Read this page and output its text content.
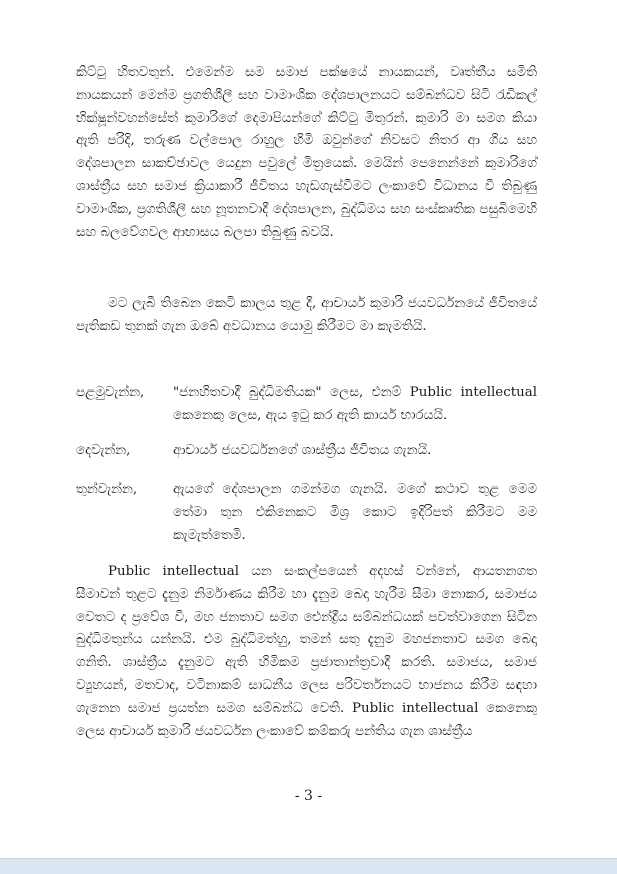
කිට්ටු හිතවතුන්. එමෙන්ම සම සමාජ පක්ෂයේ නායකයන්, වෘත්තීය සමිති නායකයන් මෙන්ම ප්‍රගතිශීලී සහ වාමාංශික දේශපාලනයට සම්බන්ධව සිටි රැඩිකල් භික්ෂූන්වහන්සේත් කුමාරිගේ දෙමාපියන්ගේ කිට්ටු මිතුරන්. කුමාරි මා සමග කියා ඇති පරිදි, තරුණ වල්පොල රාහුල හිමි ඔවුන්ගේ නිවසට නිතර ආ ගිය සහ දේශපාලන සාකච්ඡාවල යෙදුන පවුලේ මිත්‍රයෙක්. මෙයින් පෙනෙන්නේ කුමාරිගේ ශාස්ත්‍රීය සහ සමාජ ක්‍රියාකාරී ජීවිතය හැඩගැස්වීමට ලංකාවේ විධානය වී තිබුණු වාමාංශික, ප්‍රගතිශීලී සහ නූතනවාදී දේශපාලන, බුද්ධිමය සහ සංස්කෘතික පසුබිමෙහි සහ බලවේගවල ආභාසය බලපා තිබුණු බවයි.

මට ලැබී තිබෙන කෙටි කාලය තුළ දී, ආචාර්ය කුමාරි ජයවර්ධනයේ ජීවිතයේ පැතිකඩ තුනක් ගැන ඔබේ අවධානය යොමු කිරීමට මා කැමතියි.

පළමුවැන්න, "ජනහිතවාදී බුද්ධිමතියක" ලෙස, එනම් Public intellectual කෙනෙකු ලෙස, ඇය ඉටු කර ඇති කාර්ය භාරයයි.
දෙවැන්න,	ආචාර්ය ජයවර්ධනගේ ශාස්ත්‍රීය ජීවිතය ගැනයි.
තුන්වැන්න,	ඇයගේ දේශපාලන ගමන්මග ගැනයි. මගේ කථාව තුළ මෙම තේමා තුන එකිනෙකට මිශ්‍ර කොට ඉදිරිපත් කිරීමට මම කැමැත්තෙමි.

Public intellectual යන සංකල්පයෙන් අදහස් වන්නේ, ආයතනගත සීමාවන් තුළට දැනුම නිර්මාණය කිරීම හා දැනුම බෙදා හැරීම සීමා නොකර, සමාජය වෙතට ද ප්‍රවේශ වී, මහ ජනතාව සමග ඓන්ද්‍රීය සම්බන්ධයක් පවත්වාගෙන සිටින බුද්ධිමතුන්ය යන්නයි. එම බුද්ධිමත්හු, තමන් සතු දැනුම මහජනතාව සමග බෙදා ගනිති. ශාස්ත්‍රීය දැනුමට ඇති හිමිකම ප්‍රජාතාන්ත්‍රවාදී කරති. සමාජය, සමාජ ව්‍යුහයන්, මතවාද, වටිනාකම් සාධනීය ලෙස පරිවර්තනයට භාජනය කිරීම සඳහා ගැනෙන සමාජ ප්‍රයත්න සමග සම්බන්ධ වෙති. Public intellectual කෙනෙකු ලෙස ආචාර්ය කුමාරි ජයවර්ධන ලංකාවේ කම්කරු පන්තිය ගැන ශාස්ත්‍රීය

- 3 -
